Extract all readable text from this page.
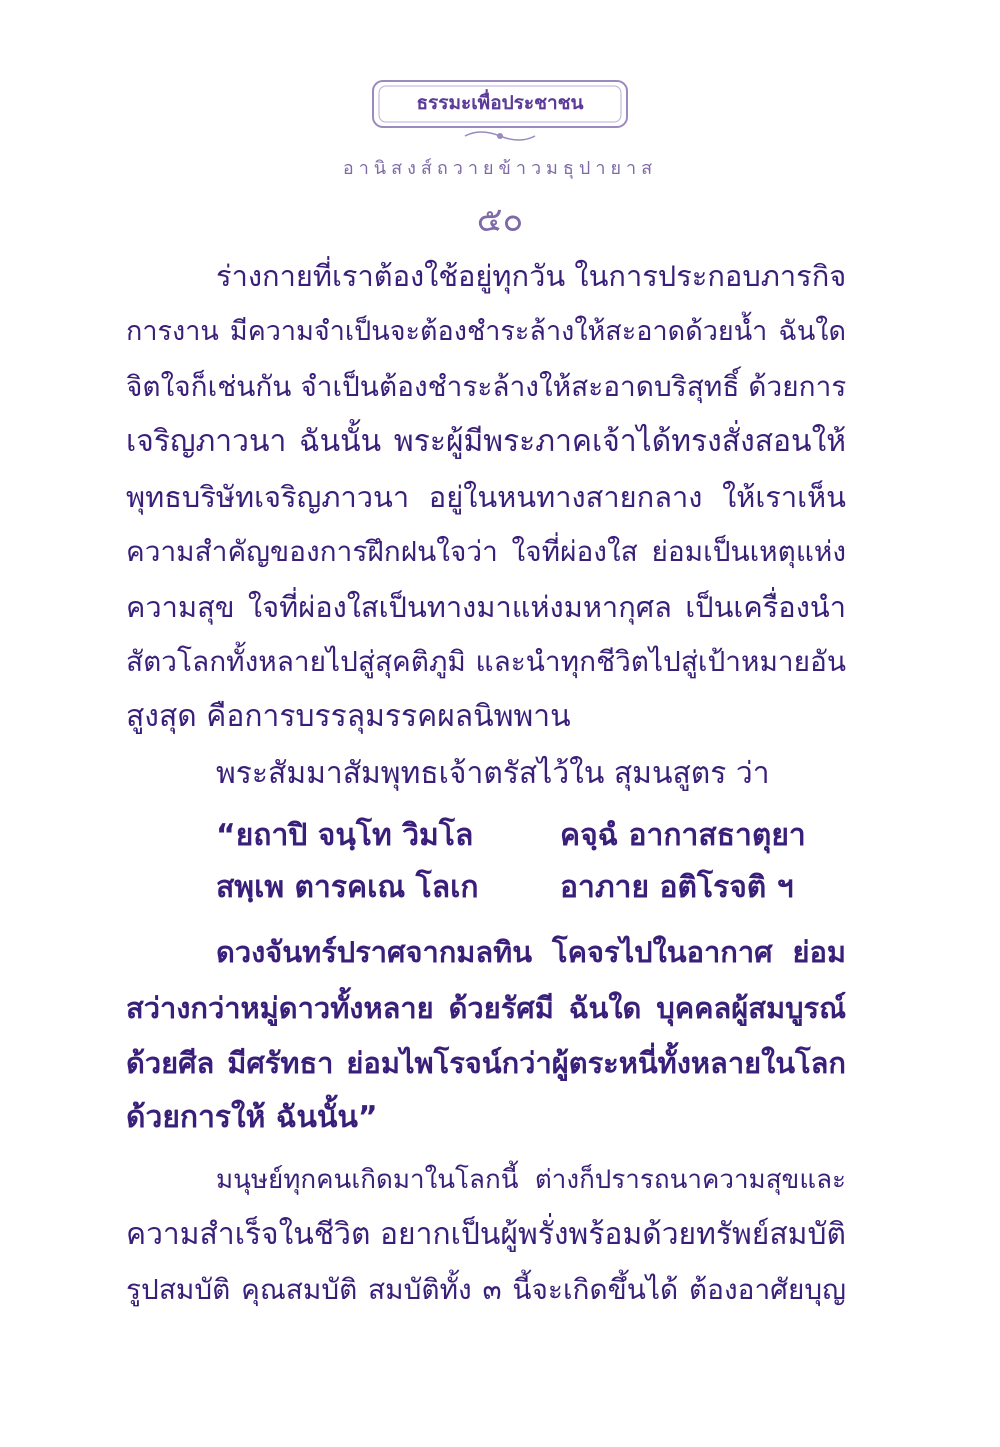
ธรรมะเพื่อประชาชน
อานิสงส์ถวายข้าวมธุปายาส
๕๐
ร่างกายที่เราต้องใช้อยู่ทุกวัน ในการประกอบภารกิจ
การงาน มีความจำเป็นจะต้องชำระล้างให้สะอาดด้วยน้ำ ฉันใด
จิตใจก็เช่นกัน จำเป็นต้องชำระล้างให้สะอาดบริสุทธิ์ ด้วยการ
เจริญภาวนา ฉันนั้น พระผู้มีพระภาคเจ้าได้ทรงสั่งสอนให้
พุทธบริษัทเจริญภาวนา อยู่ในหนทางสายกลาง ให้เราเห็น
ความสำคัญของการฝึกฝนใจว่า ใจที่ผ่องใส ย่อมเป็นเหตุแห่ง
ความสุข ใจที่ผ่องใสเป็นทางมาแห่งมหากุศล เป็นเครื่องนำ
สัตวโลกทั้งหลายไปสู่สุคติภูมิ และนำทุกชีวิตไปสู่เป้าหมายอัน
สูงสุด คือการบรรลุมรรคผลนิพพาน
พระสัมมาสัมพุทธเจ้าตรัสไว้ใน สุมนสูตร ว่า
“ยถาปิ จนฺโท วิมโล	คจฺฉํ อากาสธาตุยา
สพฺเพ ตารคเณ โลเก	อาภาย อติโรจติ ฯ
ดวงจันทร์ปราศจากมลทิน โคจรไปในอากาศ ย่อม
สว่างกว่าหมู่ดาวทั้งหลาย ด้วยรัศมี ฉันใด บุคคลผู้สมบูรณ์
ด้วยศีล มีศรัทธา ย่อมไพโรจน์กว่าผู้ตระหนี่ทั้งหลายในโลก
ด้วยการให้ ฉันนั้น”
มนุษย์ทุกคนเกิดมาในโลกนี้ ต่างก็ปรารถนาความสุขและ
ความสำเร็จในชีวิต อยากเป็นผู้พรั่งพร้อมด้วยทรัพย์สมบัติ
รูปสมบัติ คุณสมบัติ สมบัติทั้ง ๓ นี้จะเกิดขึ้นได้ ต้องอาศัยบุญ
